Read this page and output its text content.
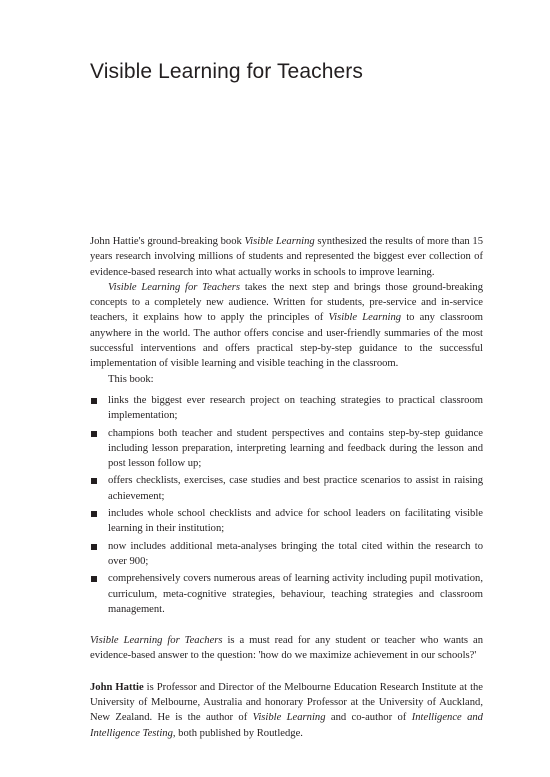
Visible Learning for Teachers

John Hattie's ground-breaking book Visible Learning synthesized the results of more than 15 years research involving millions of students and represented the biggest ever collection of evidence-based research into what actually works in schools to improve learning.

Visible Learning for Teachers takes the next step and brings those ground-breaking concepts to a completely new audience. Written for students, pre-service and in-service teachers, it explains how to apply the principles of Visible Learning to any classroom anywhere in the world. The author offers concise and user-friendly summaries of the most successful interventions and offers practical step-by-step guidance to the successful implementation of visible learning and visible teaching in the classroom.

This book:

links the biggest ever research project on teaching strategies to practical classroom implementation;
champions both teacher and student perspectives and contains step-by-step guidance including lesson preparation, interpreting learning and feedback during the lesson and post lesson follow up;
offers checklists, exercises, case studies and best practice scenarios to assist in raising achievement;
includes whole school checklists and advice for school leaders on facilitating visible learning in their institution;
now includes additional meta-analyses bringing the total cited within the research to over 900;
comprehensively covers numerous areas of learning activity including pupil motivation, curriculum, meta-cognitive strategies, behaviour, teaching strategies and classroom management.

Visible Learning for Teachers is a must read for any student or teacher who wants an evidence-based answer to the question: 'how do we maximize achievement in our schools?'

John Hattie is Professor and Director of the Melbourne Education Research Institute at the University of Melbourne, Australia and honorary Professor at the University of Auckland, New Zealand. He is the author of Visible Learning and co-author of Intelligence and Intelligence Testing, both published by Routledge.
